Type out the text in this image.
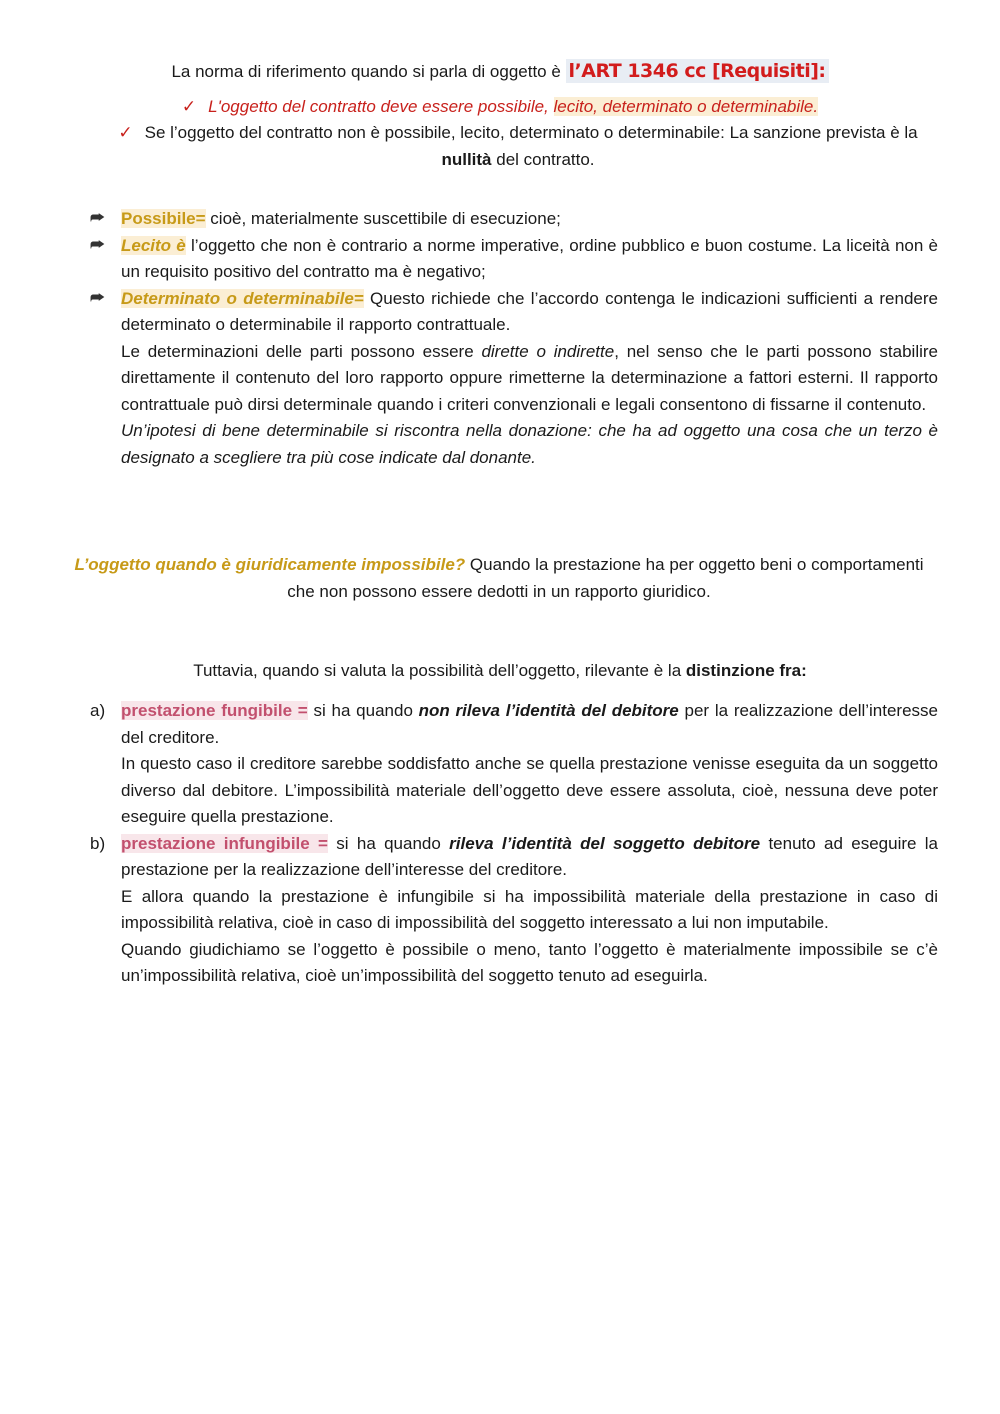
La norma di riferimento quando si parla di oggetto è l’ART 1346 cc [Requisiti]:
✓ L'oggetto del contratto deve essere possibile, lecito, determinato o determinabile.
✓ Se l’oggetto del contratto non è possibile, lecito, determinato o determinabile: La sanzione prevista è la nullità del contratto.
⮫ Possibile= cioè, materialmente suscettibile di esecuzione;
⮫ Lecito è l’oggetto che non è contrario a norme imperative, ordine pubblico e buon costume. La liceità non è un requisito positivo del contratto ma è negativo;
⮫ Determinato o determinabile= Questo richiede che l’accordo contenga le indicazioni sufficienti a rendere determinato o determinabile il rapporto contrattuale.
Le determinazioni delle parti possono essere dirette o indirette, nel senso che le parti possono stabilire direttamente il contenuto del loro rapporto oppure rimetterne la determinazione a fattori esterni. Il rapporto contrattuale può dirsi determinale quando i criteri convenzionali e legali consentono di fissarne il contenuto.
Un’ipotesi di bene determinabile si riscontra nella donazione: che ha ad oggetto una cosa che un terzo è designato a scegliere tra più cose indicate dal donante.
L’oggetto quando è giuridicamente impossibile? Quando la prestazione ha per oggetto beni o comportamenti che non possono essere dedotti in un rapporto giuridico.
Tuttavia, quando si valuta la possibilità dell’oggetto, rilevante è la distinzione fra:
a) prestazione fungibile = si ha quando non rileva l’identità del debitore per la realizzazione dell’interesse del creditore.
In questo caso il creditore sarebbe soddisfatto anche se quella prestazione venisse eseguita da un soggetto diverso dal debitore. L’impossibilità materiale dell’oggetto deve essere assoluta, cioè, nessuna deve poter eseguire quella prestazione.
b) prestazione infungibile = si ha quando rileva l’identità del soggetto debitore tenuto ad eseguire la prestazione per la realizzazione dell’interesse del creditore.
E allora quando la prestazione è infungibile si ha impossibilità materiale della prestazione in caso di impossibilità relativa, cioè in caso di impossibilità del soggetto interessato a lui non imputabile.
Quando giudichiamo se l’oggetto è possibile o meno, tanto l’oggetto è materialmente impossibile se c’è un’impossibilità relativa, cioè un’impossibilità del soggetto tenuto ad eseguirla.
